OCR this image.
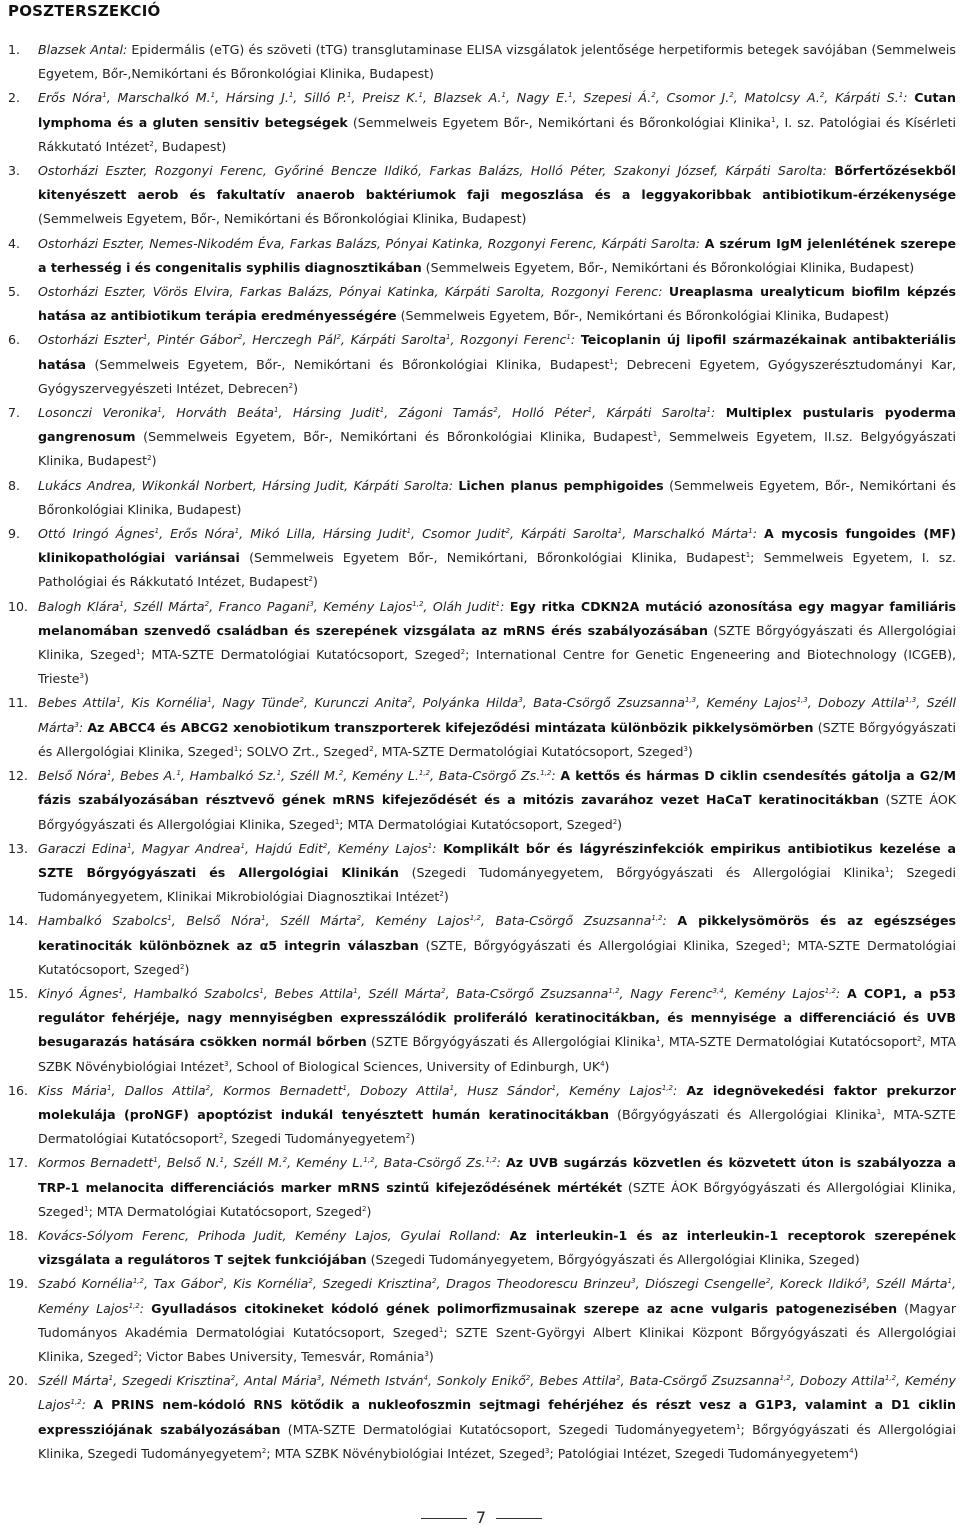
POSZTERSZEKCIÓ

1.	Blazsek Antal: Epidermális (eTG) és szöveti (tTG) transglutaminase ELISA vizsgálatok jelentősége herpetiformis betegek savójában (Semmelweis Egyetem, Bőr-,Nemikórtani és Bőronkológiai Klinika, Budapest)

2.	Erős Nóra$^1$, Marschalkó M.$^1$, Hársing J.$^1$, Silló P.$^1$, Preisz K.$^1$, Blazsek A.$^1$, Nagy E.$^1$, Szepesi Á.$^2$, Csomor J.$^2$, Matolcsy A.$^2$, Kárpáti S.$^1$: Cutan lymphoma és a gluten sensitiv betegségek (Semmelweis Egyetem Bőr-, Nemikórtani és Bőronkológiai Klinika$^1$, I. sz. Patológiai és Kísérleti Rákkutató Intézet$^2$, Budapest)

3.	Ostorházi Eszter, Rozgonyi Ferenc, Győriné Bencze Ildikó, Farkas Balázs, Holló Péter, Szakonyi József, Kárpáti Sarolta: Bőrfertőzésekből kitenyészett aerob és fakultatív anaerob baktériumok faji megoszlása és a leggyakoribbak antibiotikum-érzékenysége (Semmelweis Egyetem, Bőr-, Nemikórtani és Bőronkológiai Klinika, Budapest)

4.	Ostorházi Eszter, Nemes-Nikodém Éva, Farkas Balázs, Pónyai Katinka, Rozgonyi Ferenc, Kárpáti Sarolta: A szérum IgM jelenlétének szerepe a terhesség i és congenitalis syphilis diagnosztikában (Semmelweis Egyetem, Bőr-, Nemikórtani és Bőronkológiai Klinika, Budapest)

5.	Ostorházi Eszter, Vörös Elvira, Farkas Balázs, Pónyai Katinka, Kárpáti Sarolta, Rozgonyi Ferenc: Ureaplasma urealyticum biofilm képzés hatása az antibiotikum terápia eredményességére (Semmelweis Egyetem, Bőr-, Nemikórtani és Bőronkológiai Klinika, Budapest)

6.	Ostorházi Eszter$^1$, Pintér Gábor$^2$, Herczegh Pál$^2$, Kárpáti Sarolta$^1$, Rozgonyi Ferenc$^1$: Teicoplanin új lipofil származékainak antibakteriális hatása (Semmelweis Egyetem, Bőr-, Nemikórtani és Bőronkológiai Klinika, Budapest$^1$; Debreceni Egyetem, Gyógyszerésztudományi Kar, Gyógyszervegyészeti Intézet, Debrecen$^2$)

7.	Losonczi Veronika$^1$, Horváth Beáta$^1$, Hársing Judit$^1$, Zágoni Tamás$^2$, Holló Péter$^1$, Kárpáti Sarolta$^1$: Multiplex pustularis pyoderma gangrenosum (Semmelweis Egyetem, Bőr-, Nemikórtani és Bőronkológiai Klinika, Budapest$^1$, Semmelweis Egyetem, II.sz. Belgyógyászati Klinika, Budapest$^2$)

8.	Lukács Andrea, Wikonkál Norbert, Hársing Judit, Kárpáti Sarolta: Lichen planus pemphigoides (Semmelweis Egyetem, Bőr-, Nemikórtani és Bőronkológiai Klinika, Budapest)

9.	Ottó Iringó Ágnes$^1$, Erős Nóra$^1$, Mikó Lilla, Hársing Judit$^1$, Csomor Judit$^2$, Kárpáti Sarolta$^1$, Marschalkó Márta$^1$: A mycosis fungoides (MF) klinikopathológiai variánsai (Semmelweis Egyetem Bőr-, Nemikórtani, Bőronkológiai Klinika, Budapest$^1$; Semmelweis Egyetem, I. sz. Pathológiai és Rákkutató Intézet, Budapest$^2$)

10. Balogh Klára$^1$, Széll Márta$^2$, Franco Pagani$^3$, Kemény Lajos$^{1,2}$, Oláh Judit$^1$: Egy ritka CDKN2A mutáció azonosítása egy magyar familiáris melanomában szenvedő családban és szerepének vizsgálata az mRNS érés szabályozásában (SZTE Bőrgyógyászati és Allergológiai Klinika, Szeged$^1$; MTA-SZTE Dermatológiai Kutatócsoport, Szeged$^2$; International Centre for Genetic Engeneering and Biotechnology (ICGEB), Trieste$^3$)

11. Bebes Attila$^1$, Kis Kornélia$^1$, Nagy Tünde$^2$, Kurunczi Anita$^2$, Polyánka Hilda$^3$, Bata-Csörgő Zsuzsanna$^{1,3}$, Kemény Lajos$^{1,3}$, Dobozy Attila$^{1,3}$, Széll Márta$^3$: Az ABCC4 és ABCG2 xenobiotikum transzporterek kifejeződési mintázata különbözik pikkelysömörben (SZTE Bőrgyógyászati és Allergológiai Klinika, Szeged$^1$; SOLVO Zrt., Szeged$^2$, MTA-SZTE Dermatológiai Kutatócsoport, Szeged$^3$)

12. Belső Nóra$^1$, Bebes A.$^1$, Hambalkó Sz.$^1$, Széll M.$^2$, Kemény L.$^{1,2}$, Bata-Csörgő Zs.$^{1,2}$: A kettős és hármas D ciklin csendesítés gátolja a G2/M fázis szabályozásában résztvevő gének mRNS kifejeződését és a mitózis zavarához vezet HaCaT keratinocitákban (SZTE ÁOK Bőrgyógyászati és Allergológiai Klinika, Szeged$^1$; MTA Dermatológiai Kutatócsoport, Szeged$^2$)

13. Garaczi Edina$^1$, Magyar Andrea$^1$, Hajdú Edit$^2$, Kemény Lajos$^1$: Komplikált bőr és lágyrészinfekciók empirikus antibiotikus kezelése a SZTE Bőrgyógyászati és Allergológiai Klinikán (Szegedi Tudományegyetem, Bőrgyógyászati és Allergológiai Klinika$^1$; Szegedi Tudományegyetem, Klinikai Mikrobiológiai Diagnosztikai Intézet$^2$)

14. Hambalkó Szabolcs$^1$, Belső Nóra$^1$, Széll Márta$^2$, Kemény Lajos$^{1,2}$, Bata-Csörgő Zsuzsanna$^{1,2}$: A pikkelysömörös és az egészséges keratinociták különböznek az α5 integrin válaszban (SZTE, Bőrgyógyászati és Allergológiai Klinika, Szeged$^1$; MTA-SZTE Dermatológiai Kutatócsoport, Szeged$^2$)

15. Kinyó Ágnes$^1$, Hambalkó Szabolcs$^1$, Bebes Attila$^1$, Széll Márta$^2$, Bata-Csörgő Zsuzsanna$^{1,2}$, Nagy Ferenc$^{3,4}$, Kemény Lajos$^{1,2}$: A COP1, a p53 regulátor fehérjéje, nagy mennyiségben expresszálódik proliferáló keratinocitákban, és mennyisége a differenciáció és UVB besugarazás hatására csökken normál bőrben (SZTE Bőrgyógyászati és Allergológiai Klinika$^1$, MTA-SZTE Dermatológiai Kutatócsoport$^2$, MTA SZBK Növénybiológiai Intézet$^3$, School of Biological Sciences, University of Edinburgh, $UK^4$)

16. Kiss Mária$^1$, Dallos Attila$^2$, Kormos Bernadett$^1$, Dobozy Attila$^1$, Husz Sándor$^1$, Kemény Lajos$^{1,2}$: Az idegnövekedési faktor prekurzor molekulája (proNGF) apoptózist indukál tenyésztett humán keratinocitákban (Bőrgyógyászati és Allergológiai Klinika$^1$, MTA-SZTE Dermatológiai Kutatócsoport$^2$, Szegedi Tudományegyetem$^2$)

17. Kormos Bernadett$^1$, Belső N.$^1$, Széll M.$^2$, Kemény L.$^{1,2}$, Bata-Csörgő Zs.$^{1,2}$: Az UVB sugárzás közvetlen és közvetett úton is szabályozza a TRP-1 melanocita differenciációs marker mRNS szintű kifejeződésének mértékét (SZTE ÁOK Bőrgyógyászati és Allergológiai Klinika, Szeged$^1$; MTA Dermatológiai Kutatócsoport, Szeged$^2$)

18. Kovács-Sólyom Ferenc, Prihoda Judit, Kemény Lajos, Gyulai Rolland: Az interleukin-1 és az interleukin-1 receptorok szerepének vizsgálata a regulátoros T sejtek funkciójában (Szegedi Tudományegyetem, Bőrgyógyászati és Allergológiai Klinika, Szeged)

19. Szabó Kornélia$^{1,2}$, Tax Gábor$^2$, Kis Kornélia$^2$, Szegedi Krisztina$^2$, Dragos Theodorescu Brinzeu$^3$, Diószegi Csengelle$^2$, Koreck Ildikó$^3$, Széll Márta$^1$, Kemény Lajos$^{1,2}$: Gyulladásos citokineket kódoló gének polimorfizmusainak szerepe az acne vulgaris patogenezisében (Magyar Tudományos Akadémia Dermatológiai Kutatócsoport, Szeged$^1$; SZTE Szent-Györgyi Albert Klinikai Központ Bőrgyógyászati és Allergológiai Klinika, Szeged$^2$; Victor Babes University, Temesvár, Románia$^3$)

20. Széll Márta$^1$, Szegedi Krisztina$^2$, Antal Mária$^3$, Németh István$^4$, Sonkoly Enikő$^2$, Bebes Attila$^2$, Bata-Csörgő Zsuzsanna$^{1,2}$, Dobozy Attila$^{1,2}$, Kemény Lajos$^{1,2}$: A PRINS nem-kódoló RNS kötődik a nukleofoszmin sejtmagi fehérjéhez és részt vesz a G1P3, valamint a D1 ciklin expressziójának szabályozásában (MTA-SZTE Dermatológiai Kutatócsoport, Szegedi Tudományegyetem$^1$; Bőrgyógyászati és Allergológiai Klinika, Szegedi Tudományegyetem$^2$; MTA SZBK Növénybiológiai Intézet, Szeged$^3$; Patológiai Intézet, Szegedi Tudományegyetem$^4$)

7
